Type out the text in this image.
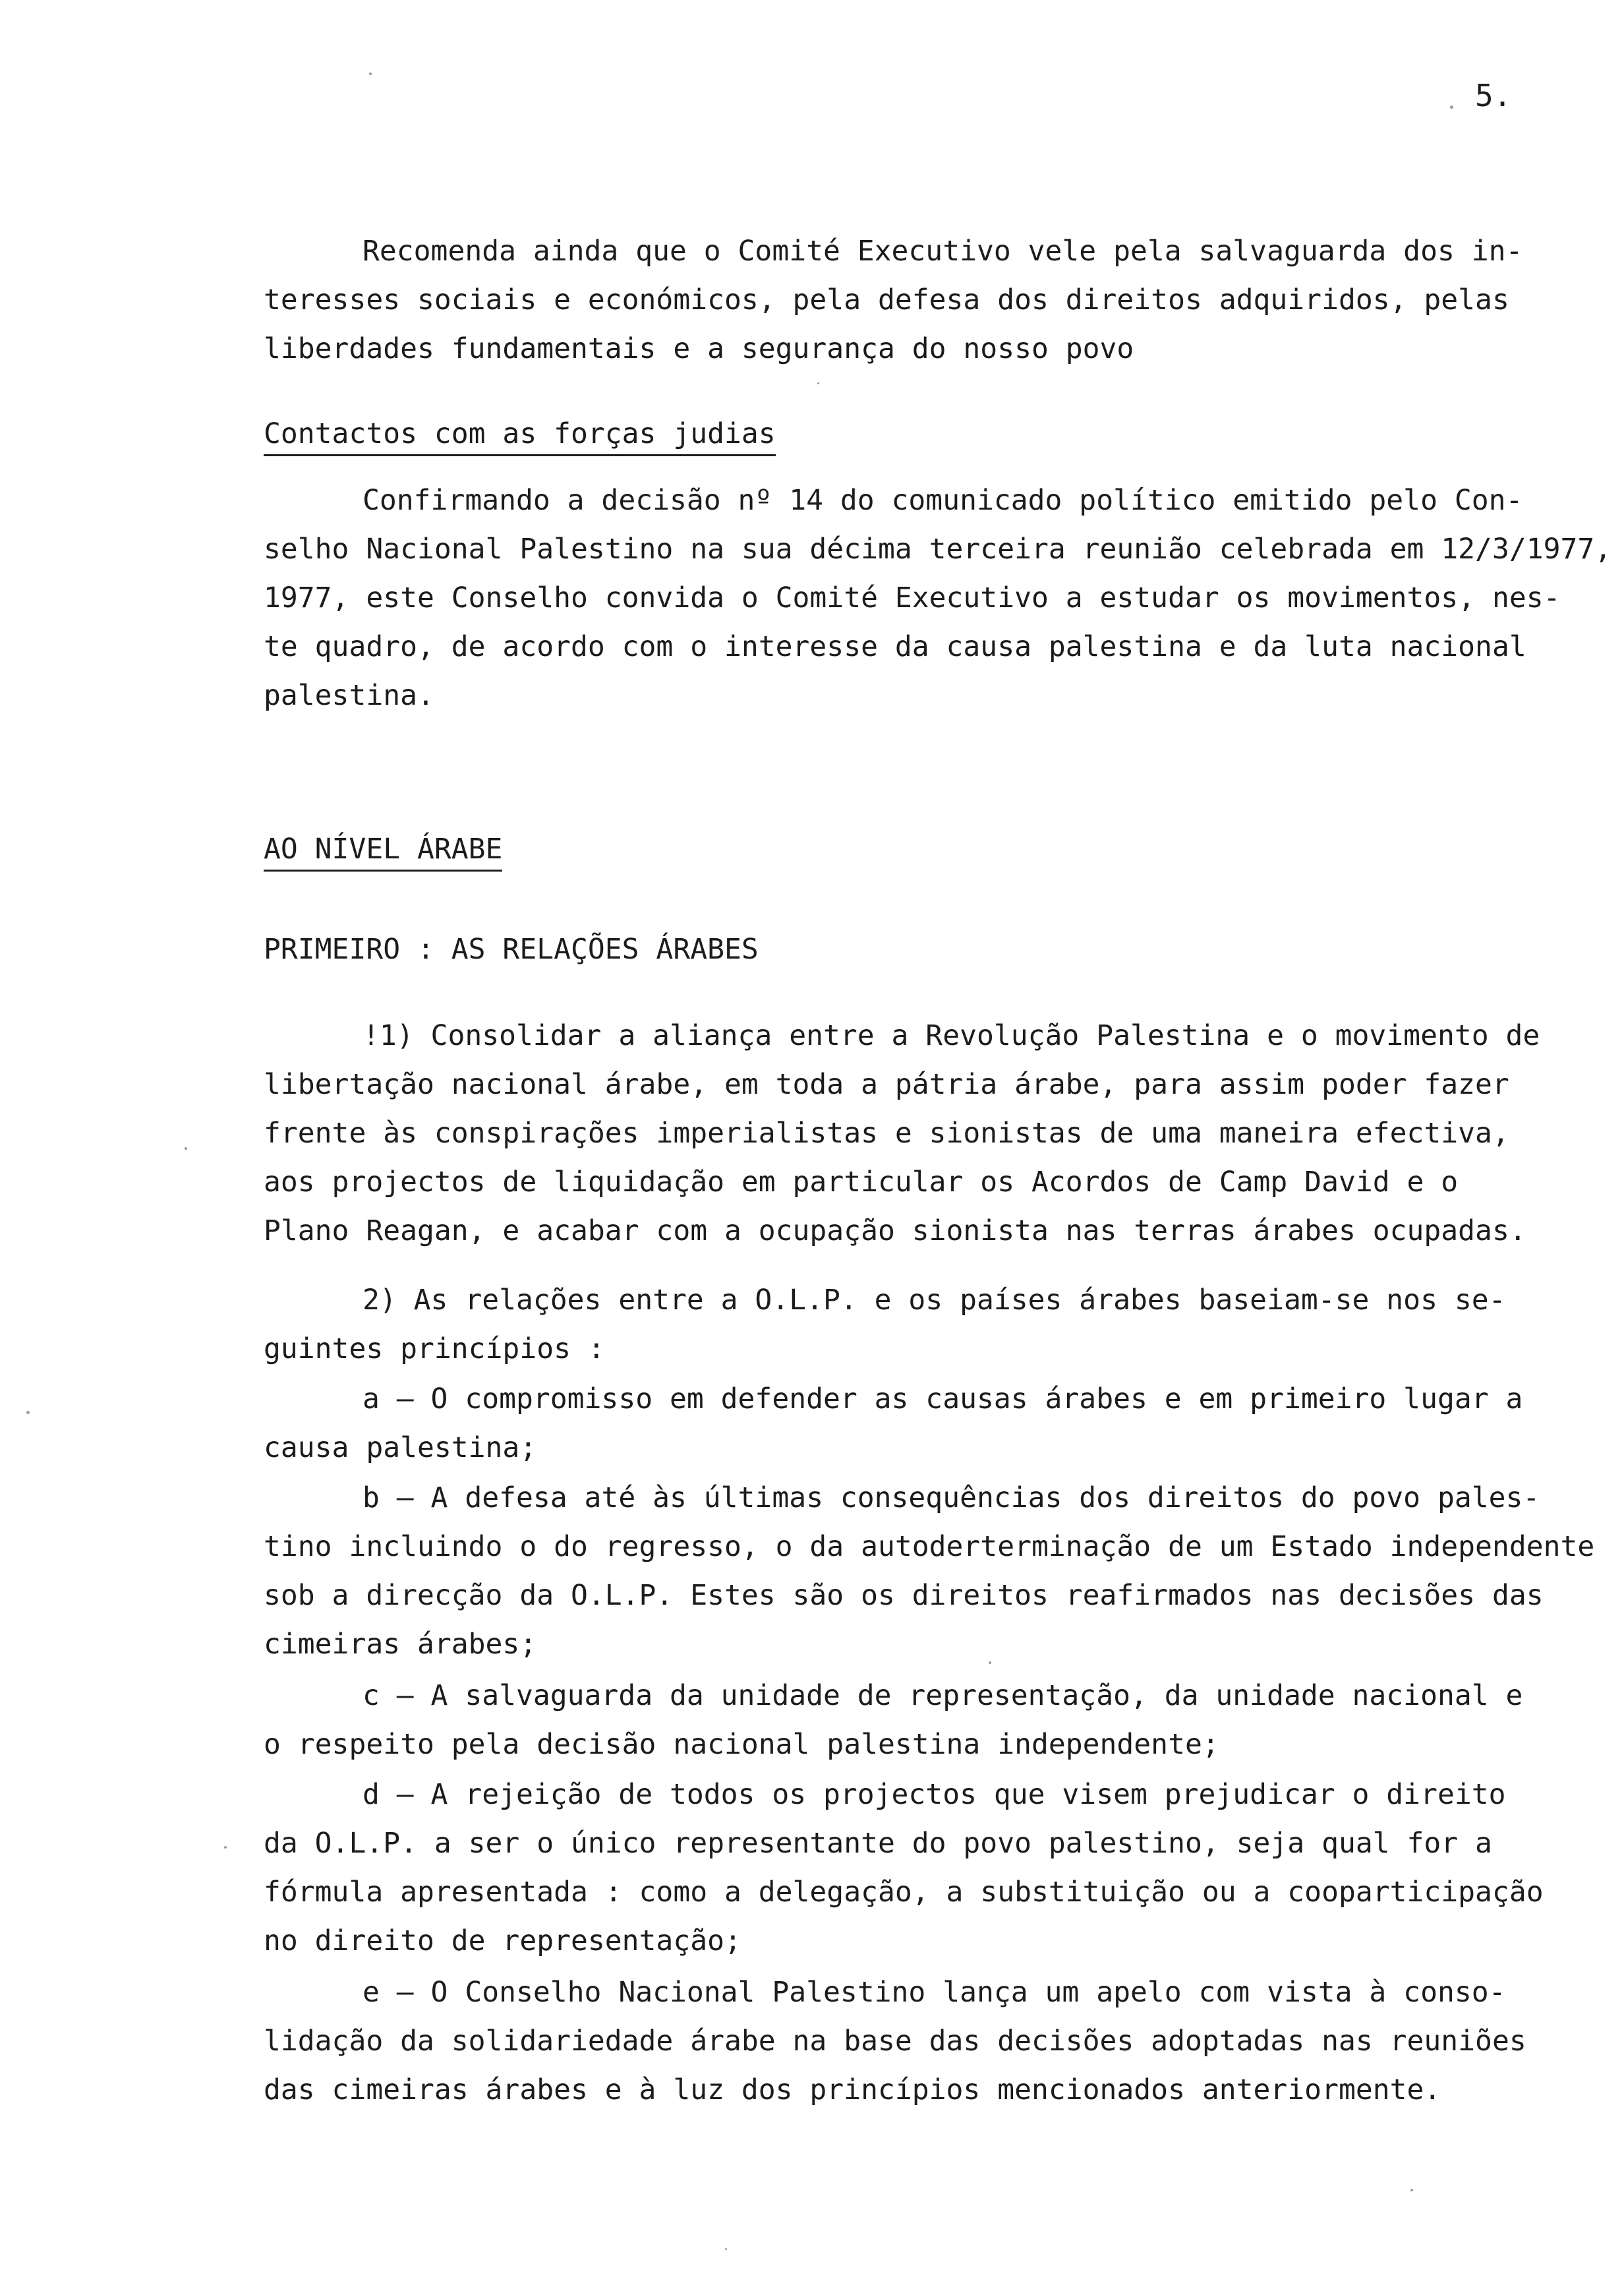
5.
Recomenda ainda que o Comité Executivo vele pela salvaguarda dos in-
teresses sociais e económicos, pela defesa dos direitos adquiridos, pelas
liberdades fundamentais e a segurança do nosso povo
Contactos com as forças judias
Confirmando a decisão nº 14 do comunicado político emitido pelo Con-
selho Nacional Palestino na sua décima terceira reunião celebrada em 12/3/1977,
1977, este Conselho convida o Comité Executivo a estudar os movimentos, nes-
te quadro, de acordo com o interesse da causa palestina e da luta nacional
palestina.
AO NÍVEL ÁRABE
PRIMEIRO : AS RELAÇÕES ÁRABES
!1) Consolidar a aliança entre a Revolução Palestina e o movimento de
libertação nacional árabe, em toda a pátria árabe, para assim poder fazer
frente às conspirações imperialistas e sionistas de uma maneira efectiva,
aos projectos de liquidação em particular os Acordos de Camp David e o
Plano Reagan, e acabar com a ocupação sionista nas terras árabes ocupadas.
2) As relações entre a O.L.P. e os países árabes baseiam-se nos se-
guintes princípios :
a — O compromisso em defender as causas árabes e em primeiro lugar a
causa palestina;
b — A defesa até às últimas consequências dos direitos do povo pales-
tino incluindo o do regresso, o da autoderterminação de um Estado independente
sob a direcção da O.L.P. Estes são os direitos reafirmados nas decisões das
cimeiras árabes;
c — A salvaguarda da unidade de representação, da unidade nacional e
o respeito pela decisão nacional palestina independente;
d — A rejeição de todos os projectos que visem prejudicar o direito
da O.L.P. a ser o único representante do povo palestino, seja qual for a
fórmula apresentada : como a delegação, a substituição ou a cooparticipação
no direito de representação;
e — O Conselho Nacional Palestino lança um apelo com vista à conso-
lidação da solidariedade árabe na base das decisões adoptadas nas reuniões
das cimeiras árabes e à luz dos princípios mencionados anteriormente.
